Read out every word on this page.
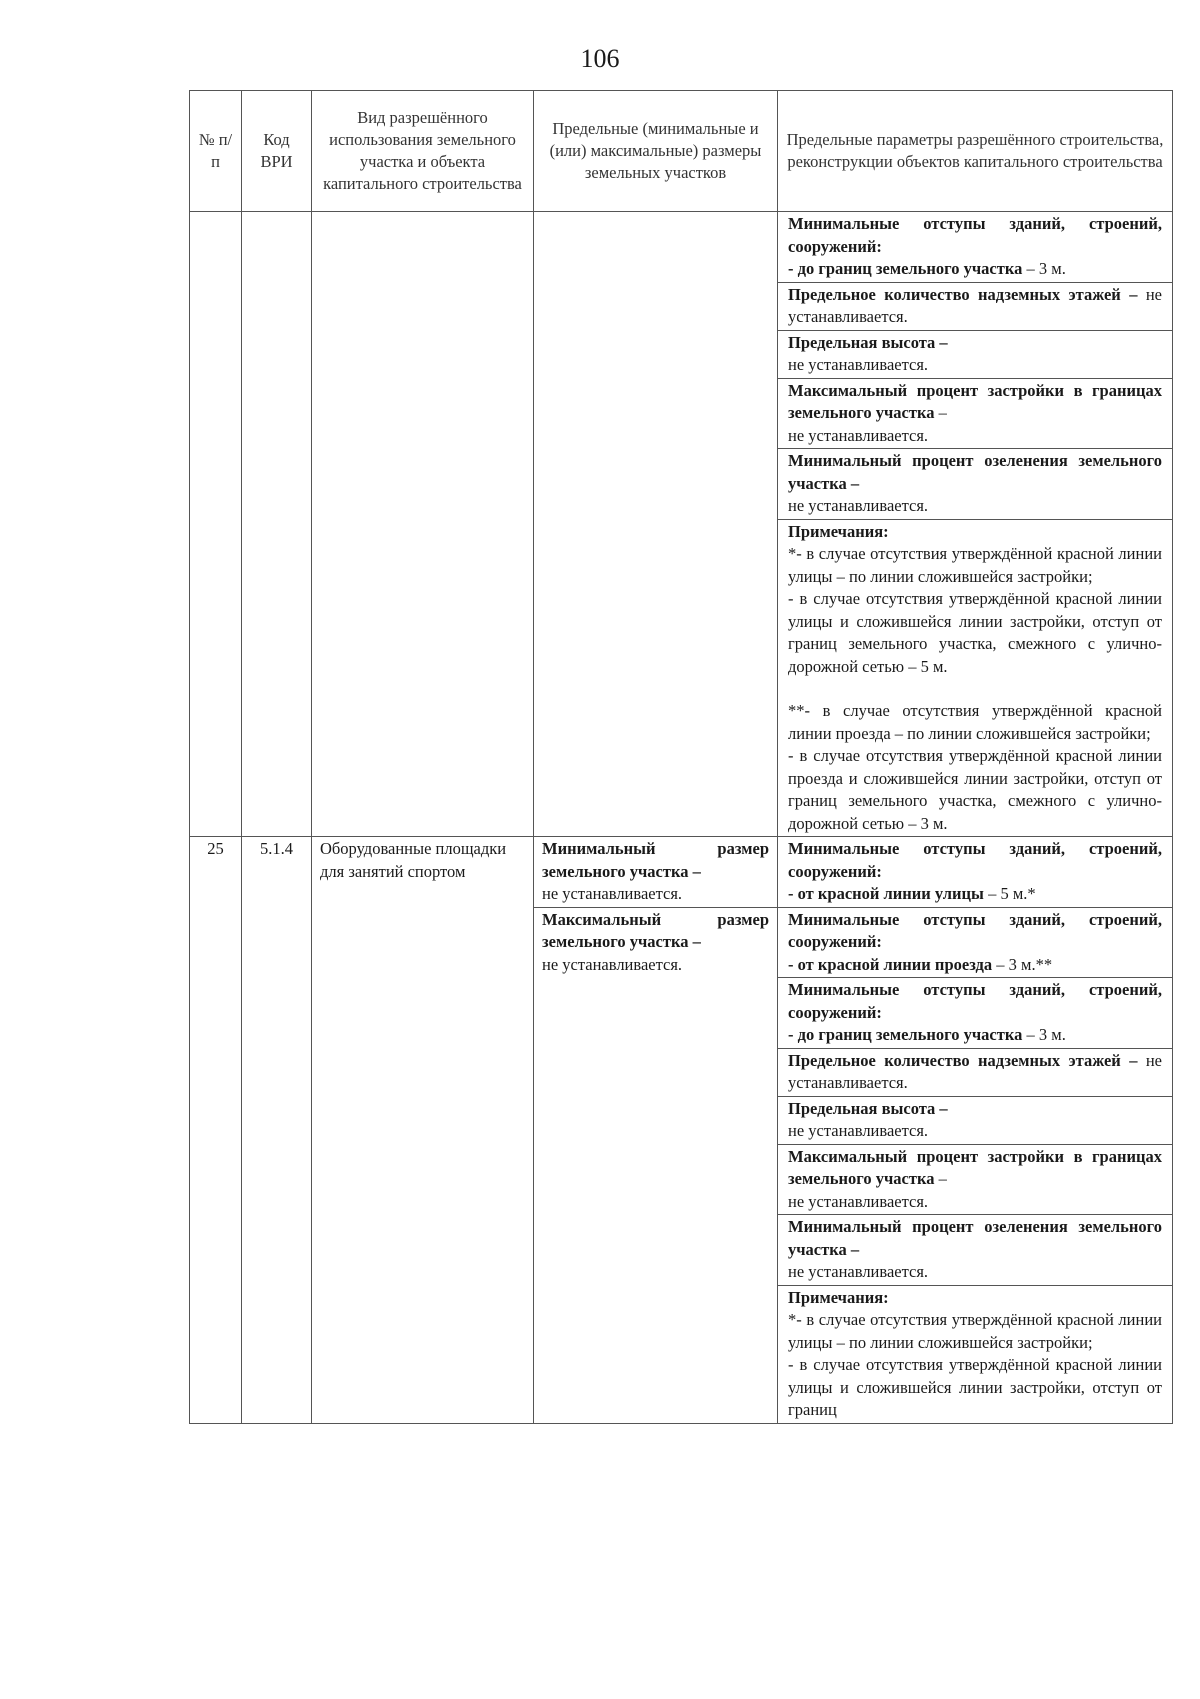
106
№ п/п	Код ВРИ	Вид разрешённого использования земельного участка и объекта капитального строительства	Предельные (минимальные и (или) максимальные) размеры земельных участков	Предельные параметры разрешённого строительства, реконструкции объектов капитального строительства
				Минимальные отступы зданий, строений, сооружений:
- до границ земельного участка – 3 м.
				Предельное количество надземных этажей – не устанавливается.
				Предельная высота –
не устанавливается.
				Максимальный процент застройки в границах земельного участка –
не устанавливается.
				Минимальный процент озеленения земельного участка –
не устанавливается.
				Примечания:
*- в случае отсутствия утверждённой красной линии улицы – по линии сложившейся застройки;
- в случае отсутствия утверждённой красной линии улицы и сложившейся линии застройки, отступ от границ земельного участка, смежного с улично-дорожной сетью – 5 м.
**- в случае отсутствия утверждённой красной линии проезда – по линии сложившейся застройки;
- в случае отсутствия утверждённой красной линии проезда и сложившейся линии застройки, отступ от границ земельного участка, смежного с улично-дорожной сетью – 3 м.
25	5.1.4	Оборудованные площадки для занятий спортом	Минимальный размер земельного участка –
не устанавливается.	Минимальные отступы зданий, строений, сооружений:
- от красной линии улицы – 5 м.*
			Максимальный размер земельного участка –
не устанавливается.	Минимальные отступы зданий, строений, сооружений:
- от красной линии проезда – 3 м.**
				Минимальные отступы зданий, строений, сооружений:
- до границ земельного участка – 3 м.
				Предельное количество надземных этажей – не устанавливается.
				Предельная высота –
не устанавливается.
				Максимальный процент застройки в границах земельного участка –
не устанавливается.
				Минимальный процент озеленения земельного участка –
не устанавливается.
				Примечания:
*- в случае отсутствия утверждённой красной линии улицы – по линии сложившейся застройки;
- в случае отсутствия утверждённой красной линии улицы и сложившейся линии застройки, отступ от границ
